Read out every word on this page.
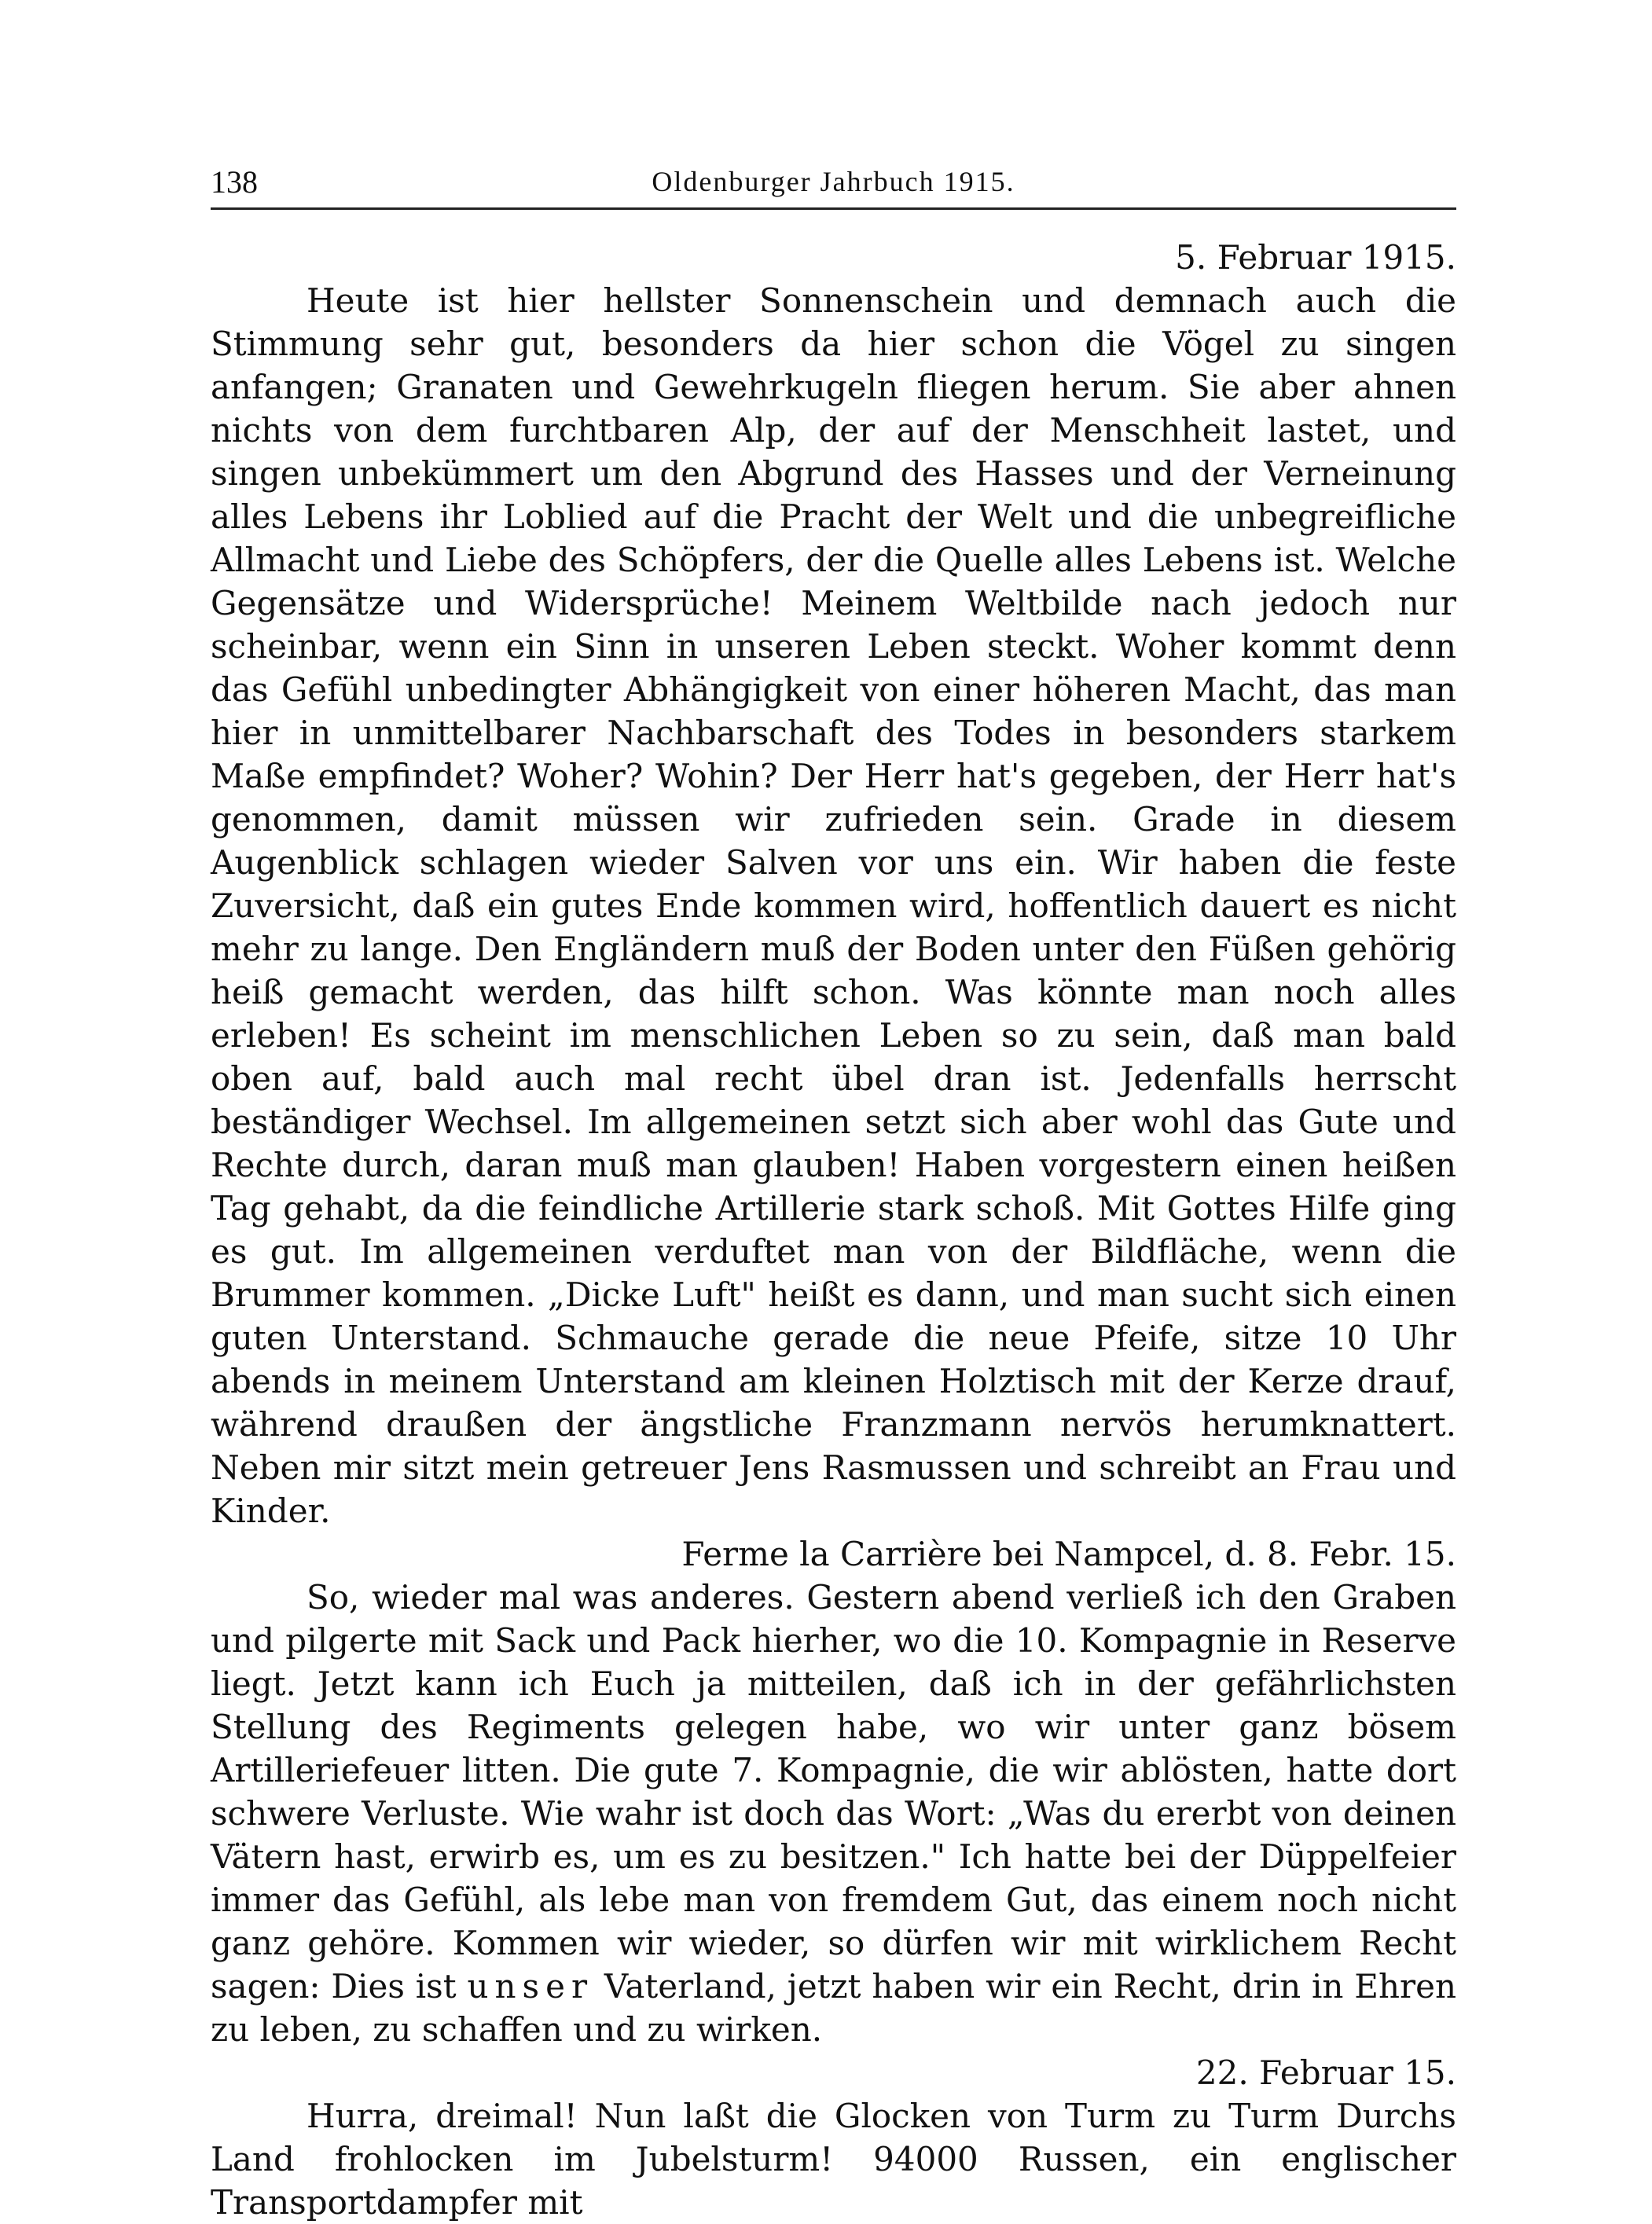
138	Oldenburger Jahrbuch 1915.

5. Februar 1915.

Heute ist hier hellster Sonnenschein und demnach auch die Stimmung sehr gut, besonders da hier schon die Vögel zu singen anfangen; Granaten und Gewehrkugeln fliegen herum. Sie aber ahnen nichts von dem furchtbaren Alp, der auf der Menschheit lastet, und singen unbekümmert um den Abgrund des Hasses und der Verneinung alles Lebens ihr Loblied auf die Pracht der Welt und die unbegreifliche Allmacht und Liebe des Schöpfers, der die Quelle alles Lebens ist. Welche Gegensätze und Widersprüche! Meinem Weltbilde nach jedoch nur scheinbar, wenn ein Sinn in unseren Leben steckt. Woher kommt denn das Gefühl unbedingter Abhängigkeit von einer höheren Macht, das man hier in unmittelbarer Nachbarschaft des Todes in besonders starkem Maße empfindet? Woher? Wohin? Der Herr hat's gegeben, der Herr hat's genommen, damit müssen wir zufrieden sein. Grade in diesem Augenblick schlagen wieder Salven vor uns ein. Wir haben die feste Zuversicht, daß ein gutes Ende kommen wird, hoffentlich dauert es nicht mehr zu lange. Den Engländern muß der Boden unter den Füßen gehörig heiß gemacht werden, das hilft schon. Was könnte man noch alles erleben! Es scheint im menschlichen Leben so zu sein, daß man bald oben auf, bald auch mal recht übel dran ist. Jedenfalls herrscht beständiger Wechsel. Im allgemeinen setzt sich aber wohl das Gute und Rechte durch, daran muß man glauben! Haben vorgestern einen heißen Tag gehabt, da die feindliche Artillerie stark schoß. Mit Gottes Hilfe ging es gut. Im allgemeinen verduftet man von der Bildfläche, wenn die Brummer kommen. „Dicke Luft" heißt es dann, und man sucht sich einen guten Unterstand. Schmauche gerade die neue Pfeife, sitze 10 Uhr abends in meinem Unterstand am kleinen Holztisch mit der Kerze drauf, während draußen der ängstliche Franzmann nervös herumknattert. Neben mir sitzt mein getreuer Jens Rasmussen und schreibt an Frau und Kinder.

Ferme la Carrière bei Nampcel, d. 8. Febr. 15.

So, wieder mal was anderes. Gestern abend verließ ich den Graben und pilgerte mit Sack und Pack hierher, wo die 10. Kompagnie in Reserve liegt. Jetzt kann ich Euch ja mitteilen, daß ich in der gefährlichsten Stellung des Regiments gelegen habe, wo wir unter ganz bösem Artilleriefeuer litten. Die gute 7. Kompagnie, die wir ablösten, hatte dort schwere Verluste. Wie wahr ist doch das Wort: „Was du ererbt von deinen Vätern hast, erwirb es, um es zu besitzen." Ich hatte bei der Düppelfeier immer das Gefühl, als lebe man von fremdem Gut, das einem noch nicht ganz gehöre. Kommen wir wieder, so dürfen wir mit wirklichem Recht sagen: Dies ist unser Vaterland, jetzt haben wir ein Recht, drin in Ehren zu leben, zu schaffen und zu wirken.

22. Februar 15.

Hurra, dreimal! Nun laßt die Glocken von Turm zu Turm Durchs Land frohlocken im Jubelsturm! 94000 Russen, ein englischer Transportdampfer mit
